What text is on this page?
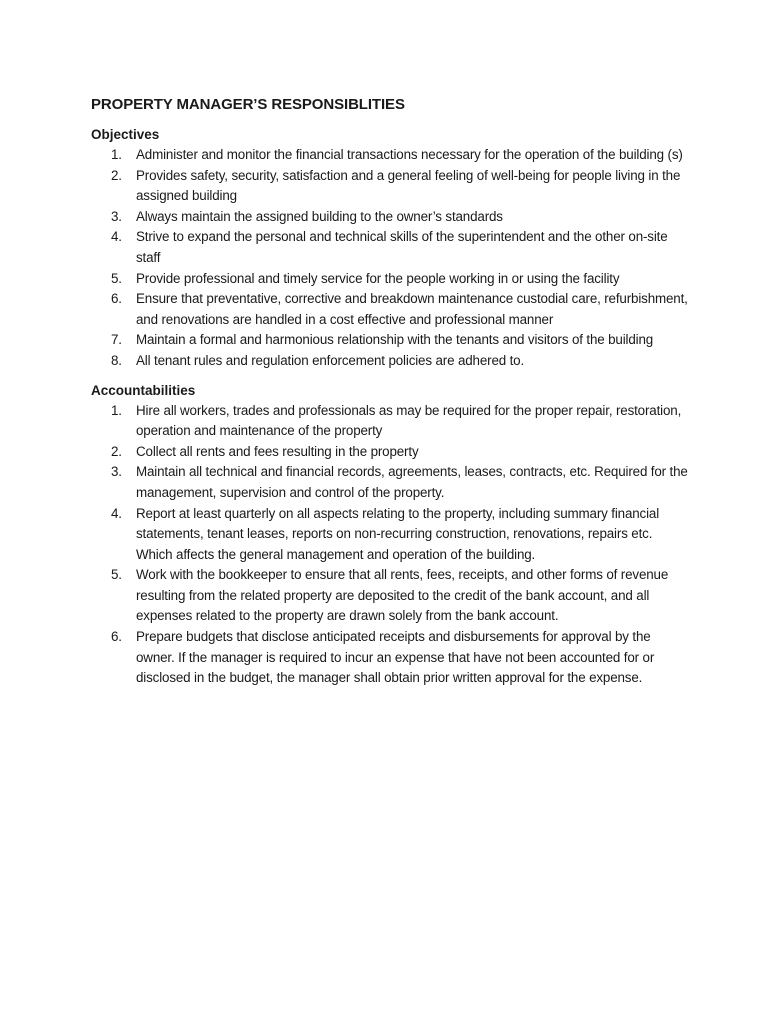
PROPERTY MANAGER’S RESPONSIBLITIES
Objectives
1.	Administer and monitor the financial transactions necessary for the operation of the building (s)
2.	Provides safety, security, satisfaction and a general feeling of well-being for people living in the assigned building
3.	Always maintain the assigned building to the owner’s standards
4.	Strive to expand the personal and technical skills of the superintendent and the other on-site staff
5.	Provide professional and timely service for the people working in or using the facility
6.	Ensure that preventative, corrective and breakdown maintenance custodial care, refurbishment, and renovations are handled in a cost effective and professional manner
7.	Maintain a formal and harmonious relationship with the tenants and visitors of the building
8.	All tenant rules and regulation enforcement policies are adhered to.
Accountabilities
1.	Hire all workers, trades and professionals as may be required for the proper repair, restoration, operation and maintenance of the property
2.	Collect all rents and fees resulting in the property
3.	Maintain all technical and financial records, agreements, leases, contracts, etc. Required for the management, supervision and control of the property.
4.	Report at least quarterly on all aspects relating to the property, including summary financial statements, tenant leases, reports on non-recurring construction, renovations, repairs etc. Which affects the general management and operation of the building.
5.	Work with the bookkeeper to ensure that all rents, fees, receipts, and other forms of revenue resulting from the related property are deposited to the credit of the bank account, and all expenses related to the property are drawn solely from the bank account.
6.	Prepare budgets that disclose anticipated receipts and disbursements for approval by the owner. If the manager is required to incur an expense that have not been accounted for or disclosed in the budget, the manager shall obtain prior written approval for the expense.
